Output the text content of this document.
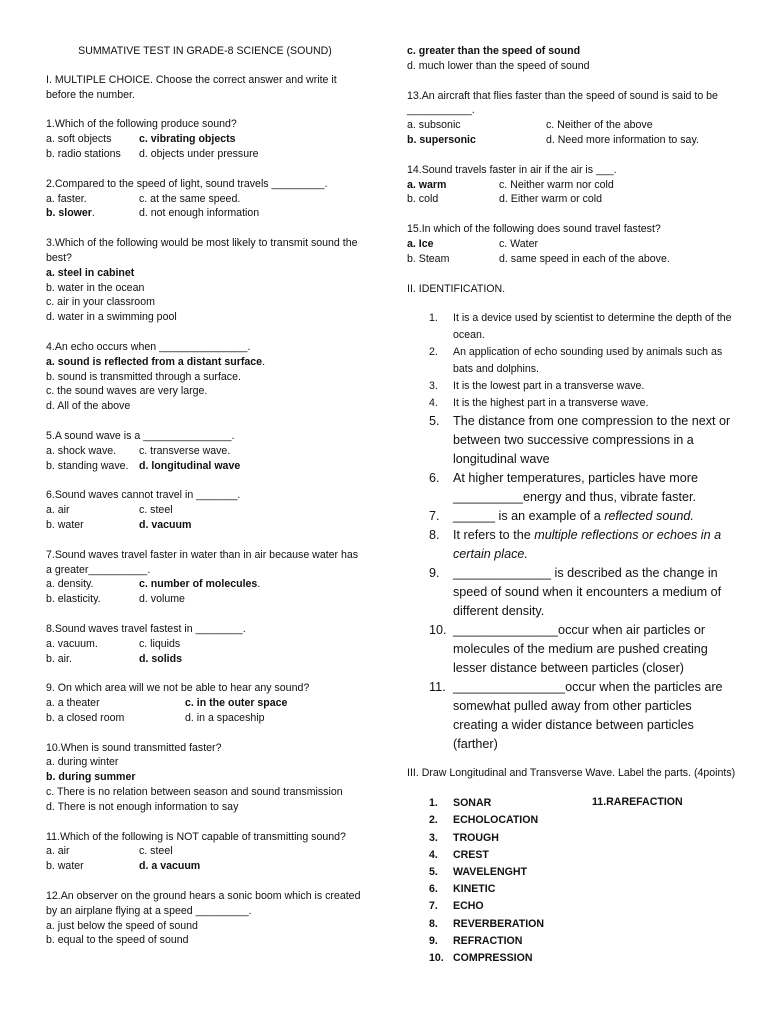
SUMMATIVE TEST IN GRADE-8 SCIENCE (SOUND)
I. MULTIPLE CHOICE. Choose the correct answer and write it before the number.
1.Which of the following produce sound?
a. soft objects	c. vibrating objects
b. radio stations d. objects under pressure
2.Compared to the speed of light, sound travels _________.
a. faster.	c. at the same speed.
b. slower.	d. not enough information
3.Which of the following would be most likely to transmit sound the best?
a. steel in cabinet
b. water in the ocean
c. air in your classroom
d. water in a swimming pool
4.An echo occurs when _______________.
a. sound is reflected from a distant surface.
b. sound is transmitted through a surface.
c. the sound waves are very large.
d. All of the above
5.A sound wave is a _______________.
a. shock wave. c. transverse wave.
b. standing wave. d. longitudinal wave
6.Sound waves cannot travel in _______.
a. air	c. steel
b. water	d. vacuum
7.Sound waves travel faster in water than in air because water has a greater__________.
a. density.	c. number of molecules.
b. elasticity.	d. volume
8.Sound waves travel fastest in ________.
a. vacuum.	c. liquids
b. air.	d. solids
9. On which area will we not be able to hear any sound?
a. a theater	c. in the outer space
b. a closed room	d. in a spaceship
10.When is sound transmitted faster?
a. during winter
b. during summer
c. There is no relation between season and sound transmission
d. There is not enough information to say
11.Which of the following is NOT capable of transmitting sound?
a. air	c. steel
b. water	d. a vacuum
12.An observer on the ground hears a sonic boom which is created by an airplane flying at a speed _________.
a. just below the speed of sound
b. equal to the speed of sound
c. greater than the speed of sound
d. much lower than the speed of sound
13.An aircraft that flies faster than the speed of sound is said to be ___________.
a. subsonic	c. Neither of the above
b. supersonic	d. Need more information to say.
14.Sound travels faster in air if the air is ___.
a. warm	c. Neither warm nor cold
b. cold	d. Either warm or cold
15.In which of the following does sound travel fastest?
a. Ice	c. Water
b. Steam	d. same speed in each of the above.
II. IDENTIFICATION.
1.	It is a device used by scientist to determine the depth of the ocean.
2.	An application of echo sounding used by animals such as bats and dolphins.
3.	It is the lowest part in a transverse wave.
4.	It is the highest part in a transverse wave.
5.	The distance from one compression to the next or between two successive compressions in a longitudinal wave
6.	At higher temperatures, particles have more __________energy and thus, vibrate faster.
7.	______ is an example of a reflected sound.
8.	It refers to the multiple reflections or echoes in a certain place.
9.	______________ is described as the change in speed of sound when it encounters a medium of different density.
10. _______________occur when air particles or molecules of the medium are pushed creating lesser distance between particles (closer)
11. ________________occur when the particles are somewhat pulled away from other particles creating a wider distance between particles (farther)
III. Draw Longitudinal and Transverse Wave. Label the parts. (4points)
1.	SONAR
2.	ECHOLOCATION
3.	TROUGH
4.	CREST
5.	WAVELENGHT
6.	KINETIC
7.	ECHO
8.	REVERBERATION
9.	REFRACTION
10. COMPRESSION
11.RAREFACTION
